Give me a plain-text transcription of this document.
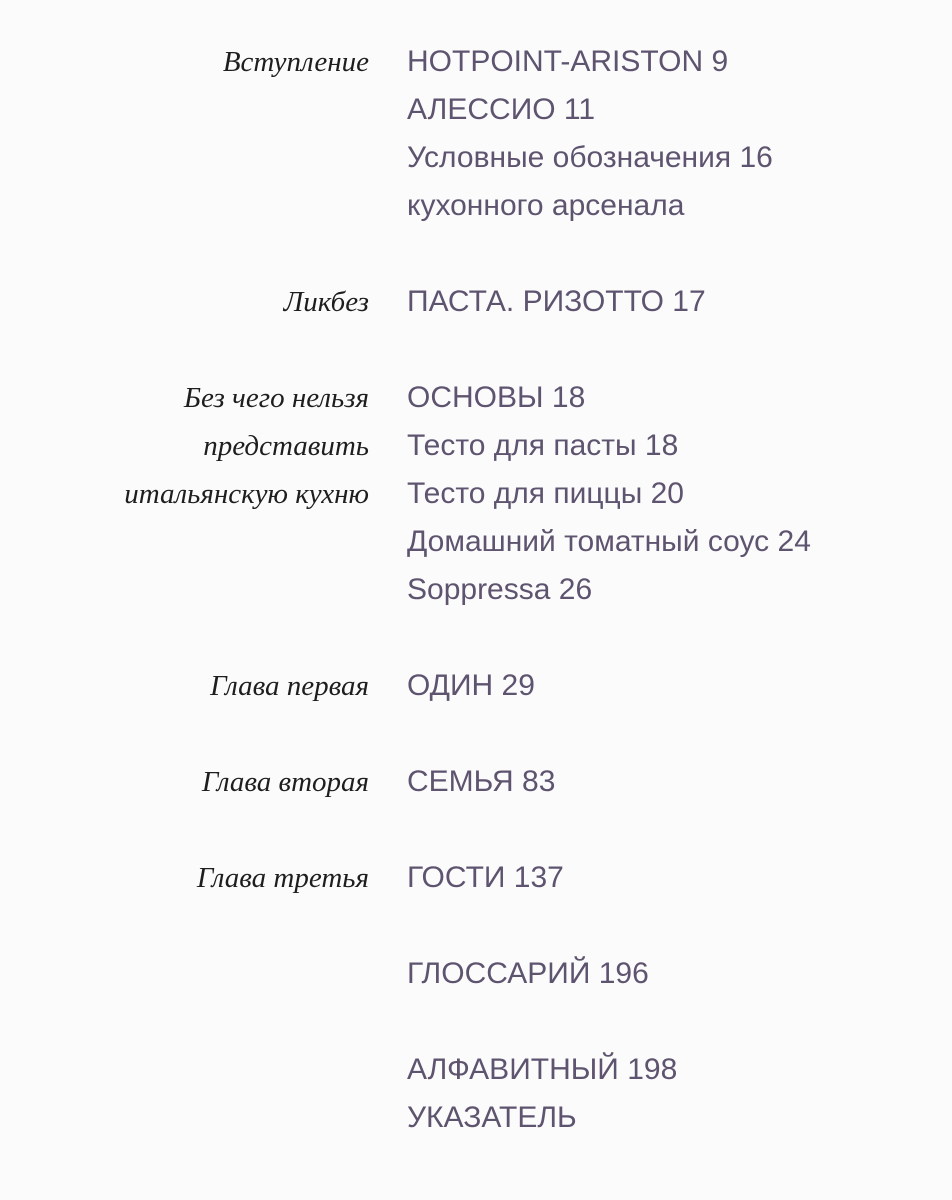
Вступление HOTPOINT-ARISTON 9
АЛЕССИО 11
Условные обозначения 16
кухонного арсенала
Ликбез ПАСТА. РИЗОТТО 17
Без чего нельзя
представить
итальянскую кухню
ОСНОВЫ 18
Тесто для пасты 18
Тесто для пиццы 20
Домашний томатный соус 24
Soppressa 26
Глава первая ОДИН 29
Глава вторая СЕМЬЯ 83
Глава третья ГОСТИ 137
ГЛОССАРИЙ 196
АЛФАВИТНЫЙ 198
УКАЗАТЕЛЬ
